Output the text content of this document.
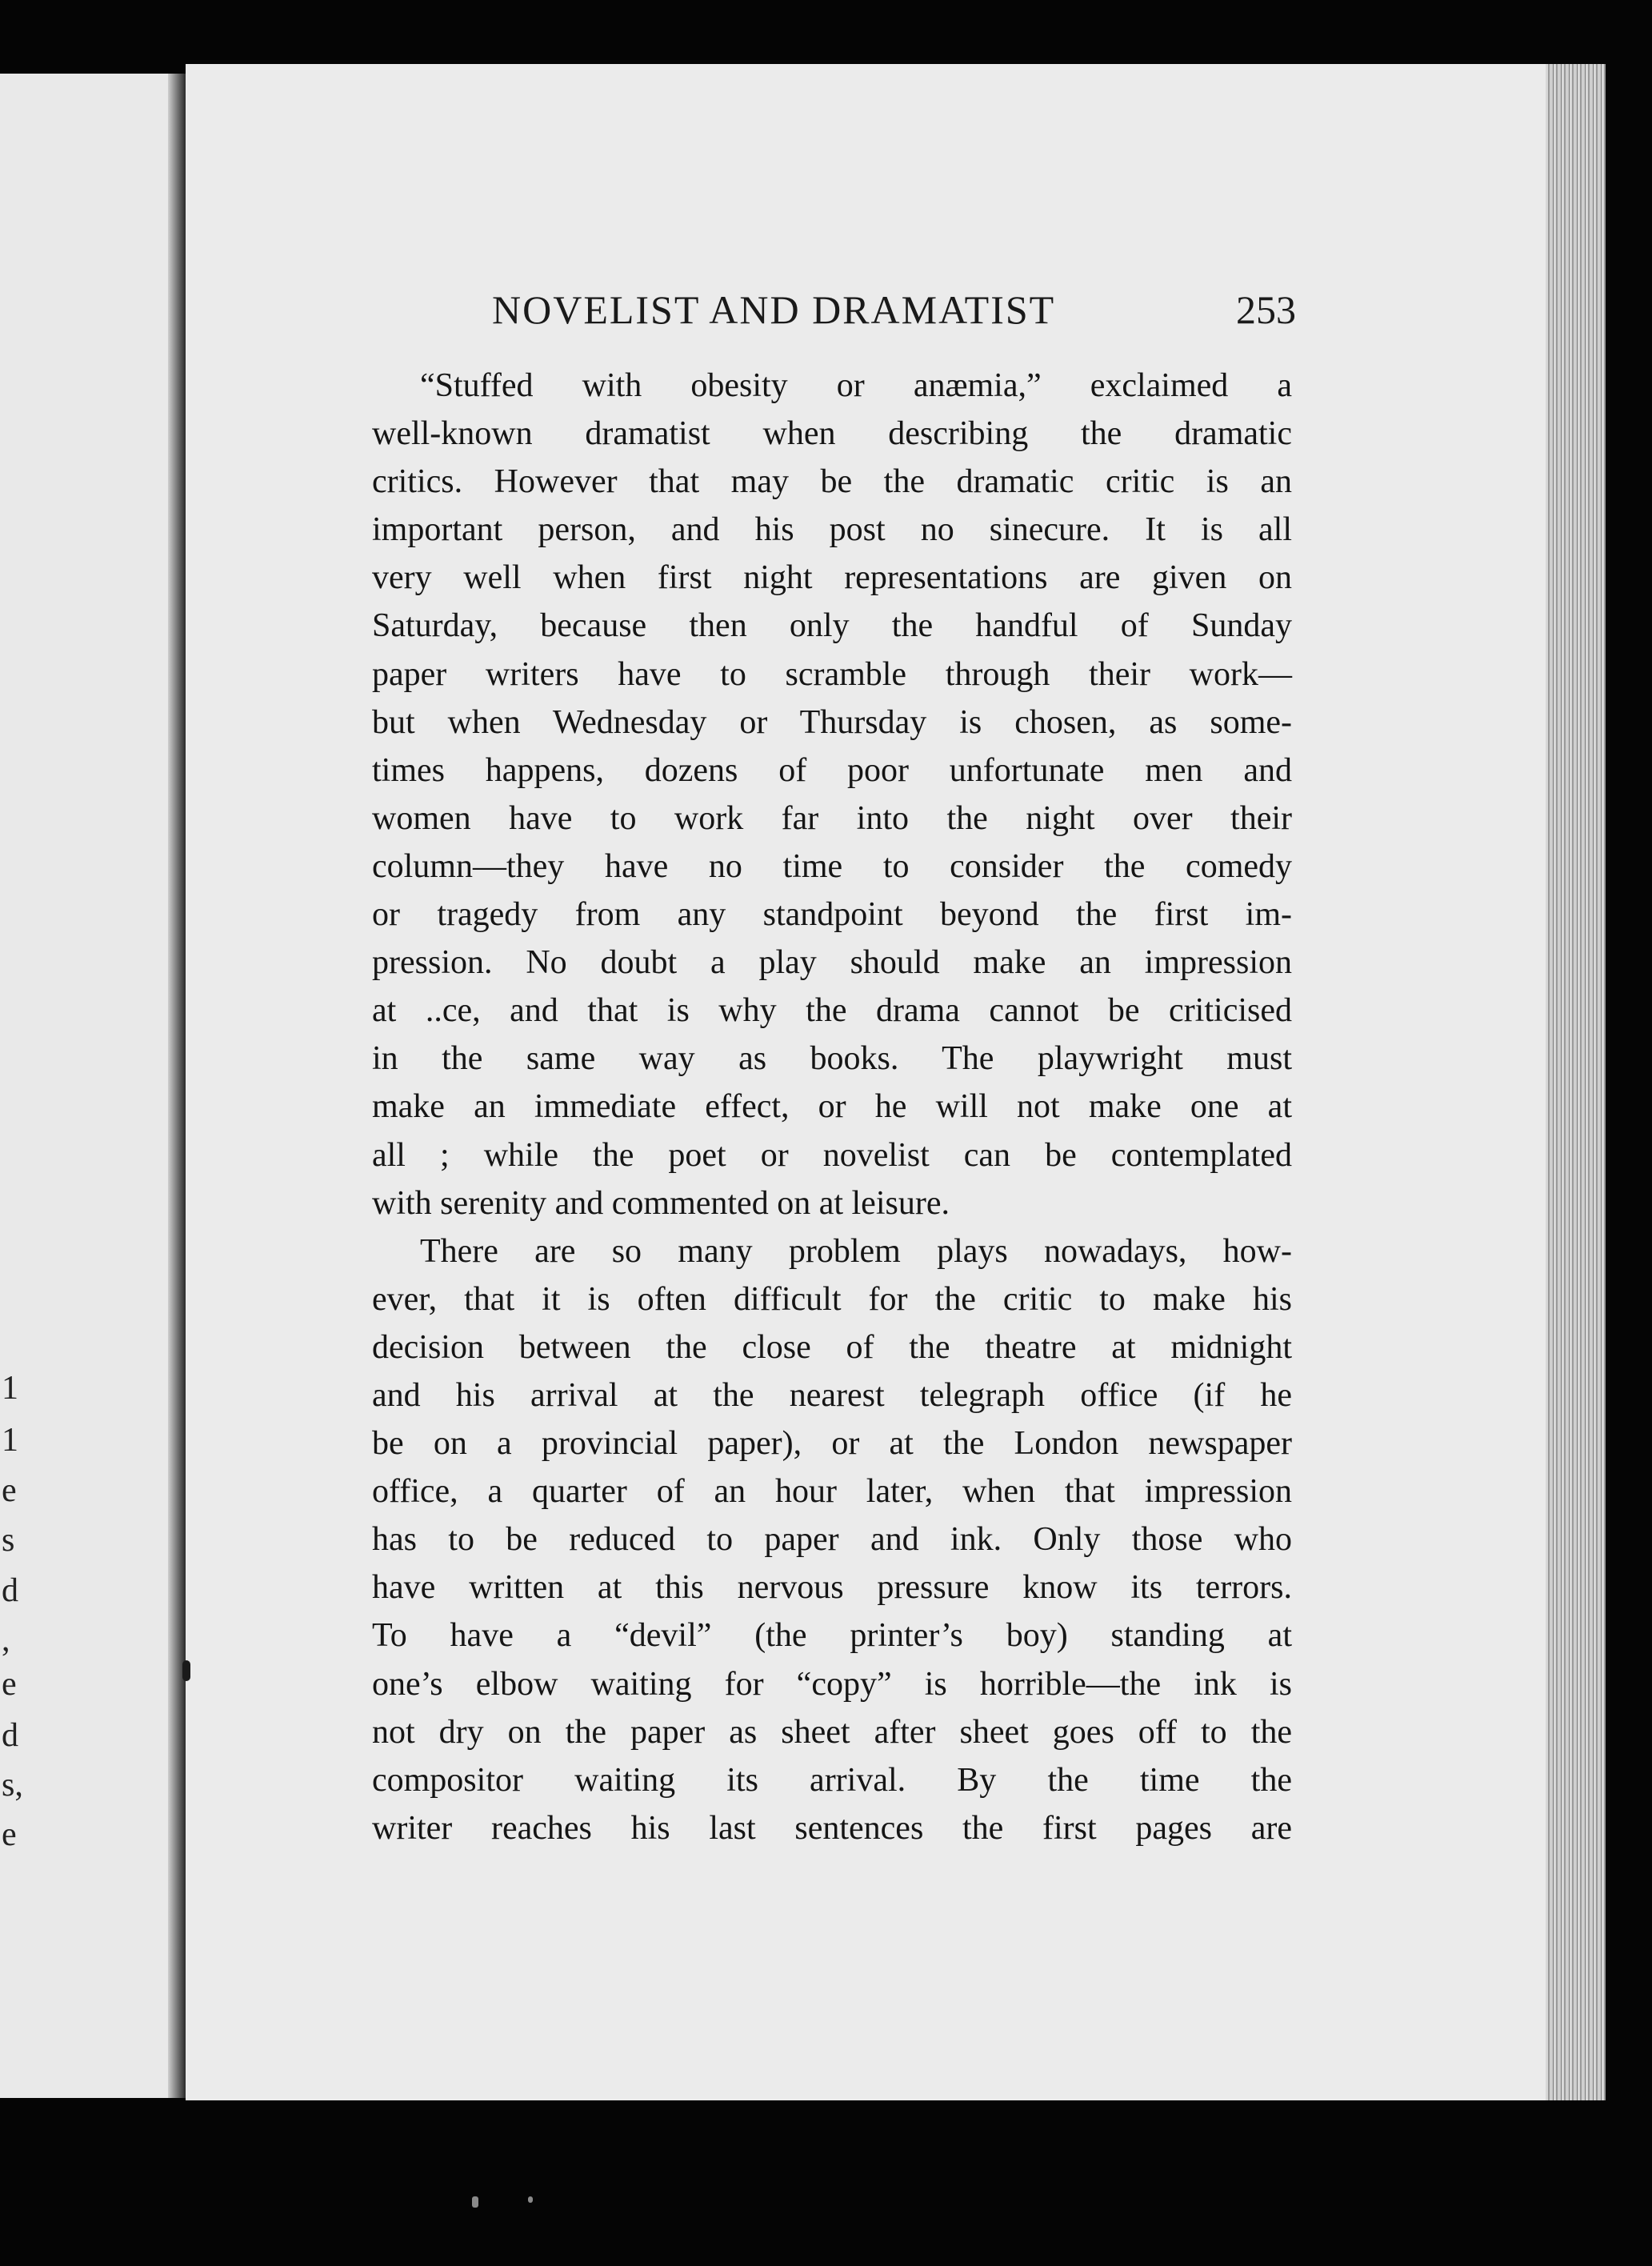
1
1
e
s
d
,
e
d
s,
e
NOVELIST AND DRAMATIST	253
“Stuffed with obesity or anæmia,” exclaimed a
well-known dramatist when describing the dramatic
critics. However that may be the dramatic critic is an
important person, and his post no sinecure. It is all
very well when first night representations are given on
Saturday, because then only the handful of Sunday
paper writers have to scramble through their work—
but when Wednesday or Thursday is chosen, as some-
times happens, dozens of poor unfortunate men and
women have to work far into the night over their
column—they have no time to consider the comedy
or tragedy from any standpoint beyond the first im-
pression. No doubt a play should make an impression
at ..ce, and that is why the drama cannot be criticised
in the same way as books. The playwright must
make an immediate effect, or he will not make one at
all ; while the poet or novelist can be contemplated
with serenity and commented on at leisure.
There are so many problem plays nowadays, how-
ever, that it is often difficult for the critic to make his
decision between the close of the theatre at midnight
and his arrival at the nearest telegraph office (if he
be on a provincial paper), or at the London newspaper
office, a quarter of an hour later, when that impression
has to be reduced to paper and ink. Only those who
have written at this nervous pressure know its terrors.
To have a “devil” (the printer’s boy) standing at
one’s elbow waiting for “copy” is horrible—the ink is
not dry on the paper as sheet after sheet goes off to the
compositor waiting its arrival. By the time the
writer reaches his last sentences the first pages are
